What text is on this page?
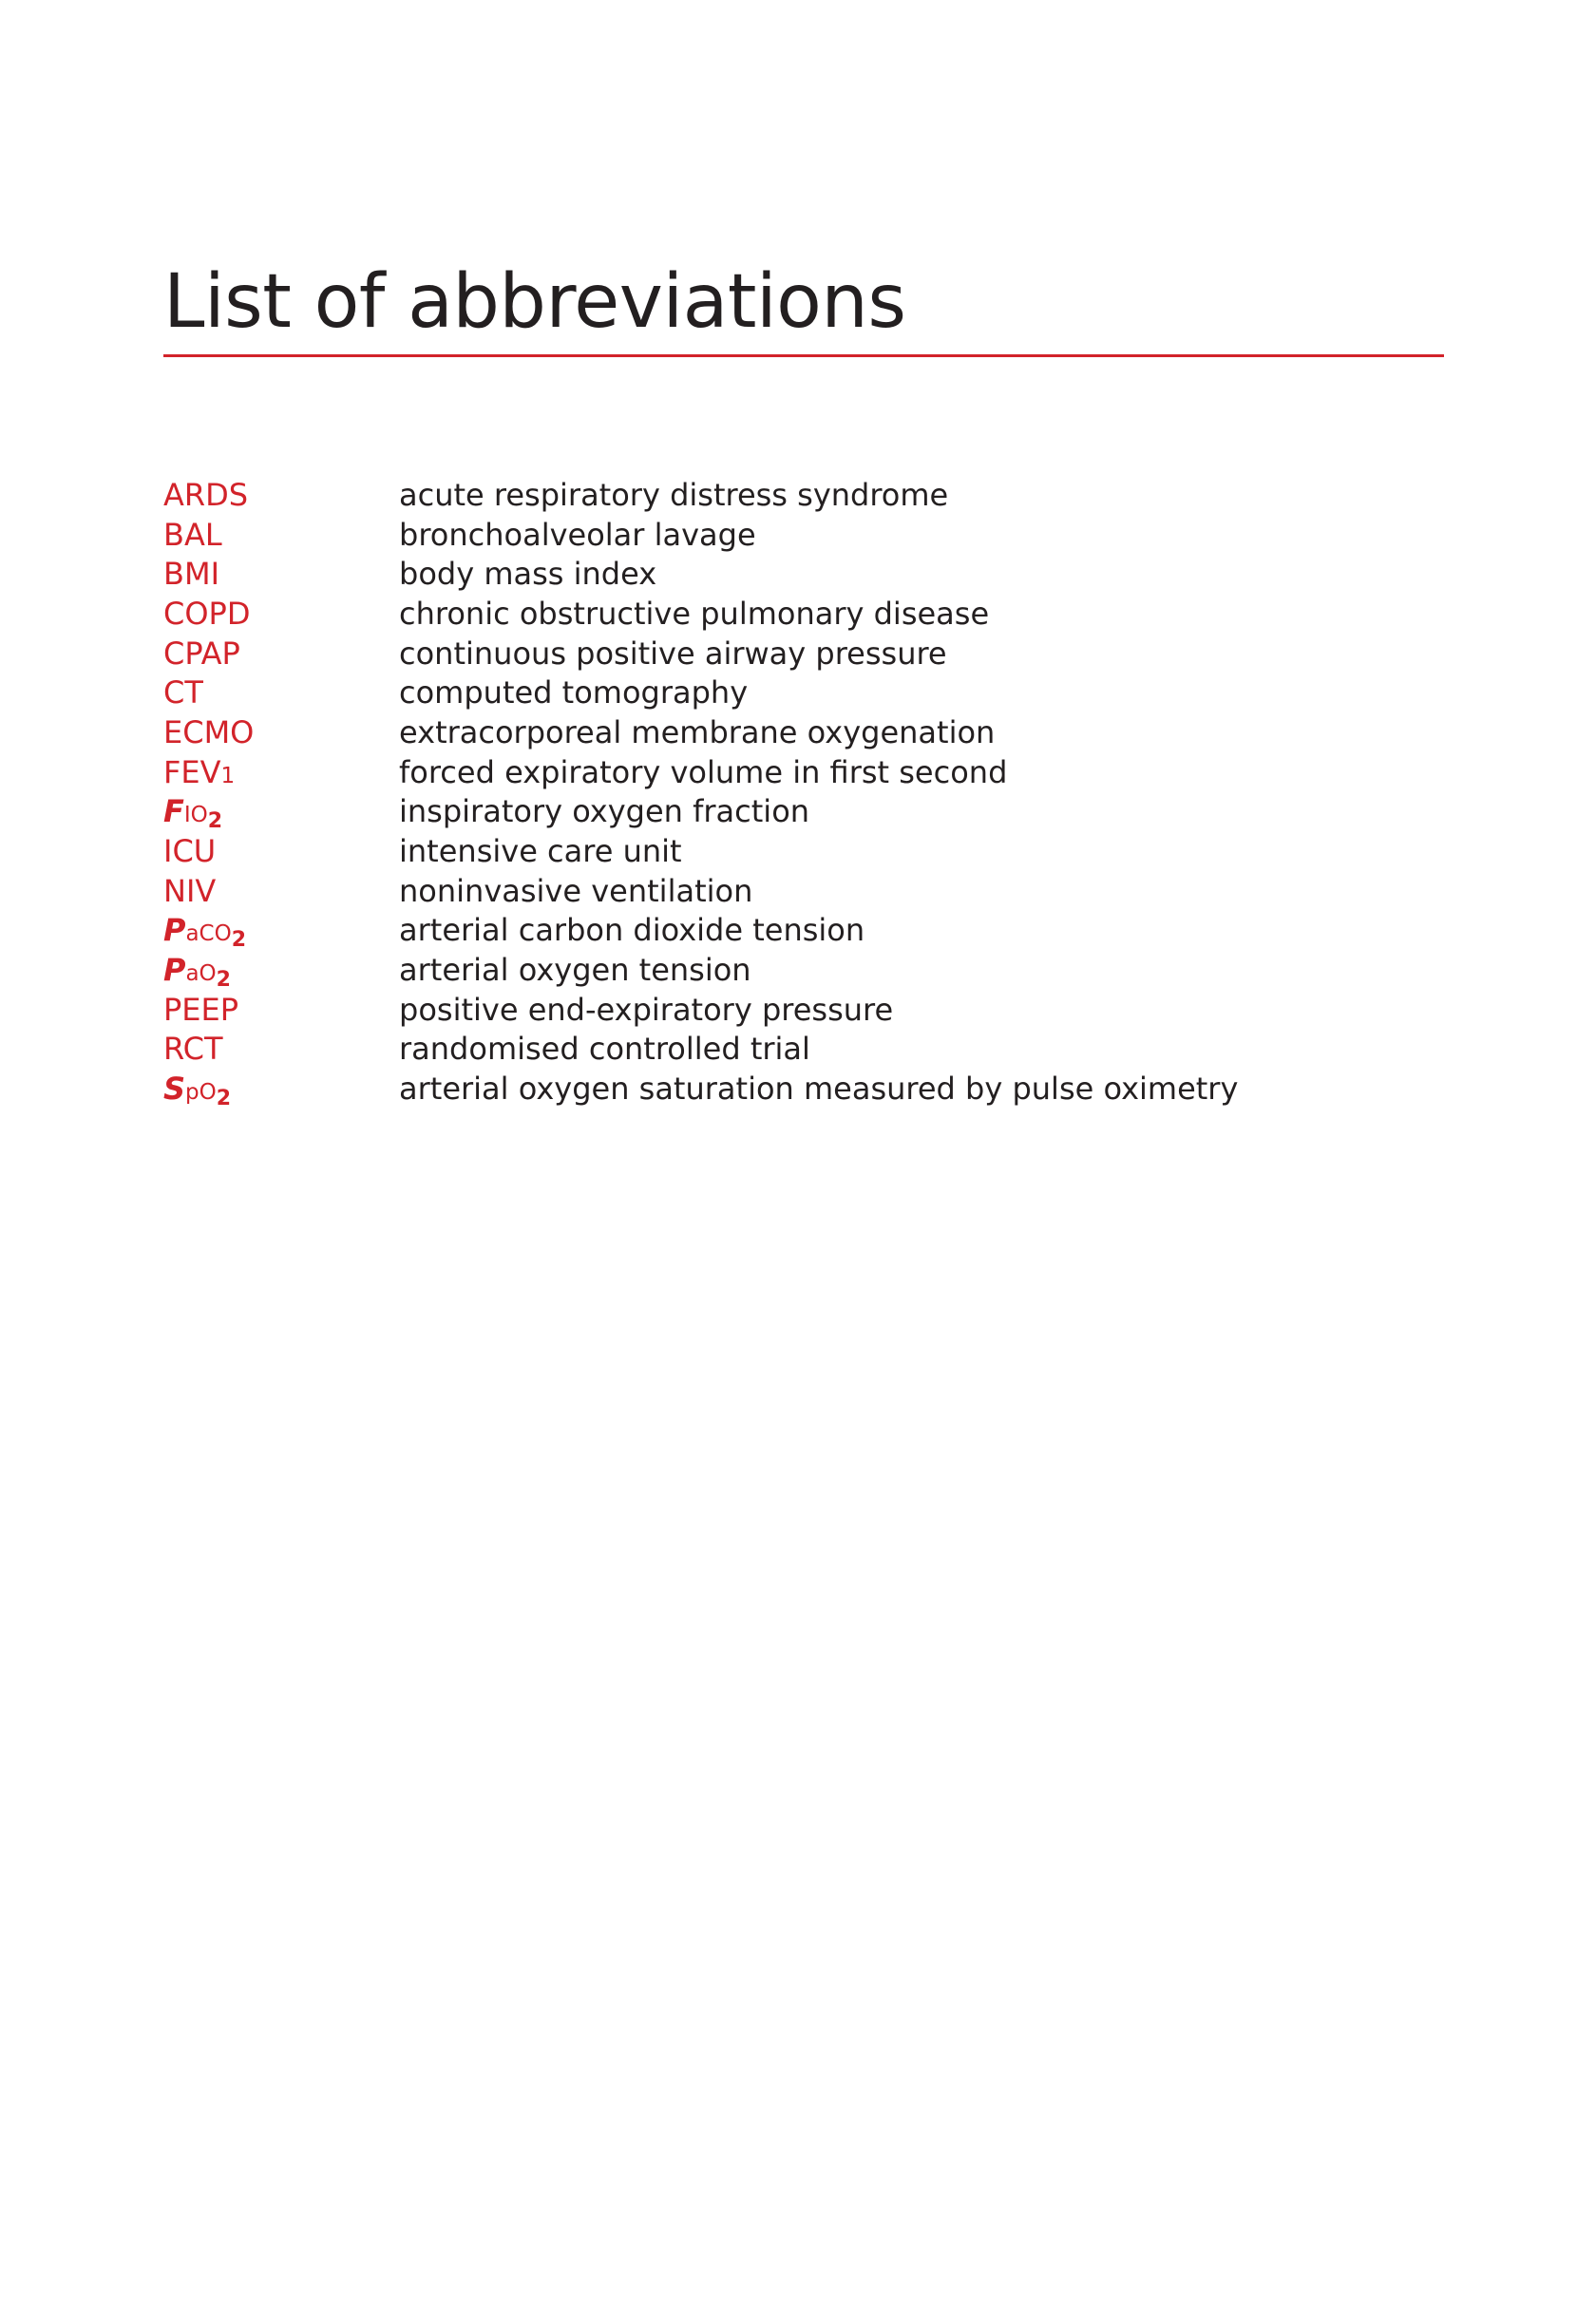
List of abbreviations
ARDS	acute respiratory distress syndrome
BAL	bronchoalveolar lavage
BMI	body mass index
COPD	chronic obstructive pulmonary disease
CPAP	continuous positive airway pressure
CT	computed tomography
ECMO	extracorporeal membrane oxygenation
FEV1	forced expiratory volume in first second
FIO2	inspiratory oxygen fraction
ICU	intensive care unit
NIV	noninvasive ventilation
PaCO2	arterial carbon dioxide tension
PaO2	arterial oxygen tension
PEEP	positive end-expiratory pressure
RCT	randomised controlled trial
SpO2	arterial oxygen saturation measured by pulse oximetry
